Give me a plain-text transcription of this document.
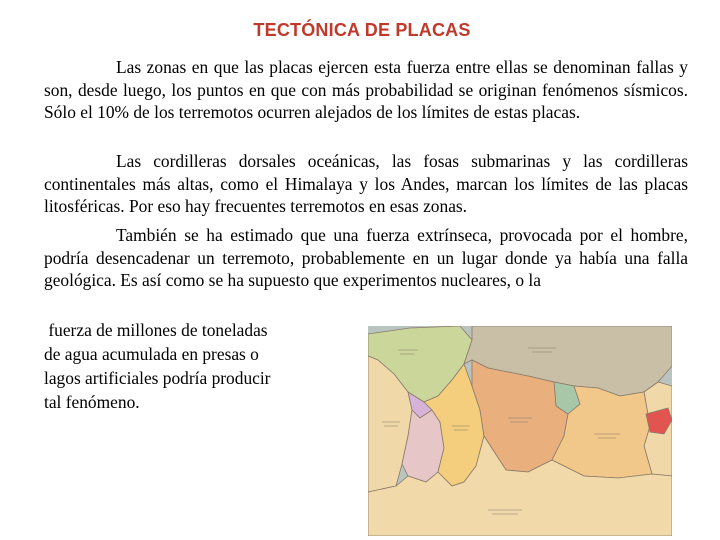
TECTÓNICA DE PLACAS
Las zonas en que las placas ejercen esta fuerza entre ellas se denominan fallas y son, desde luego, los puntos en que con más probabilidad se originan fenómenos sísmicos. Sólo el 10% de los terremotos ocurren alejados de los límites de estas placas.
Las cordilleras dorsales oceánicas, las fosas submarinas y las cordilleras continentales más altas, como el Himalaya y los Andes, marcan los límites de las placas litosféricas. Por eso hay frecuentes terremotos en esas zonas.
También se ha estimado que una fuerza extrínseca, provocada por el hombre, podría desencadenar un terremoto, probablemente en un lugar donde ya había una falla geológica. Es así como se ha supuesto que experimentos nucleares, o la
fuerza de millones de toneladas
de agua acumulada en presas o
lagos artificiales podría producir
tal fenómeno.
